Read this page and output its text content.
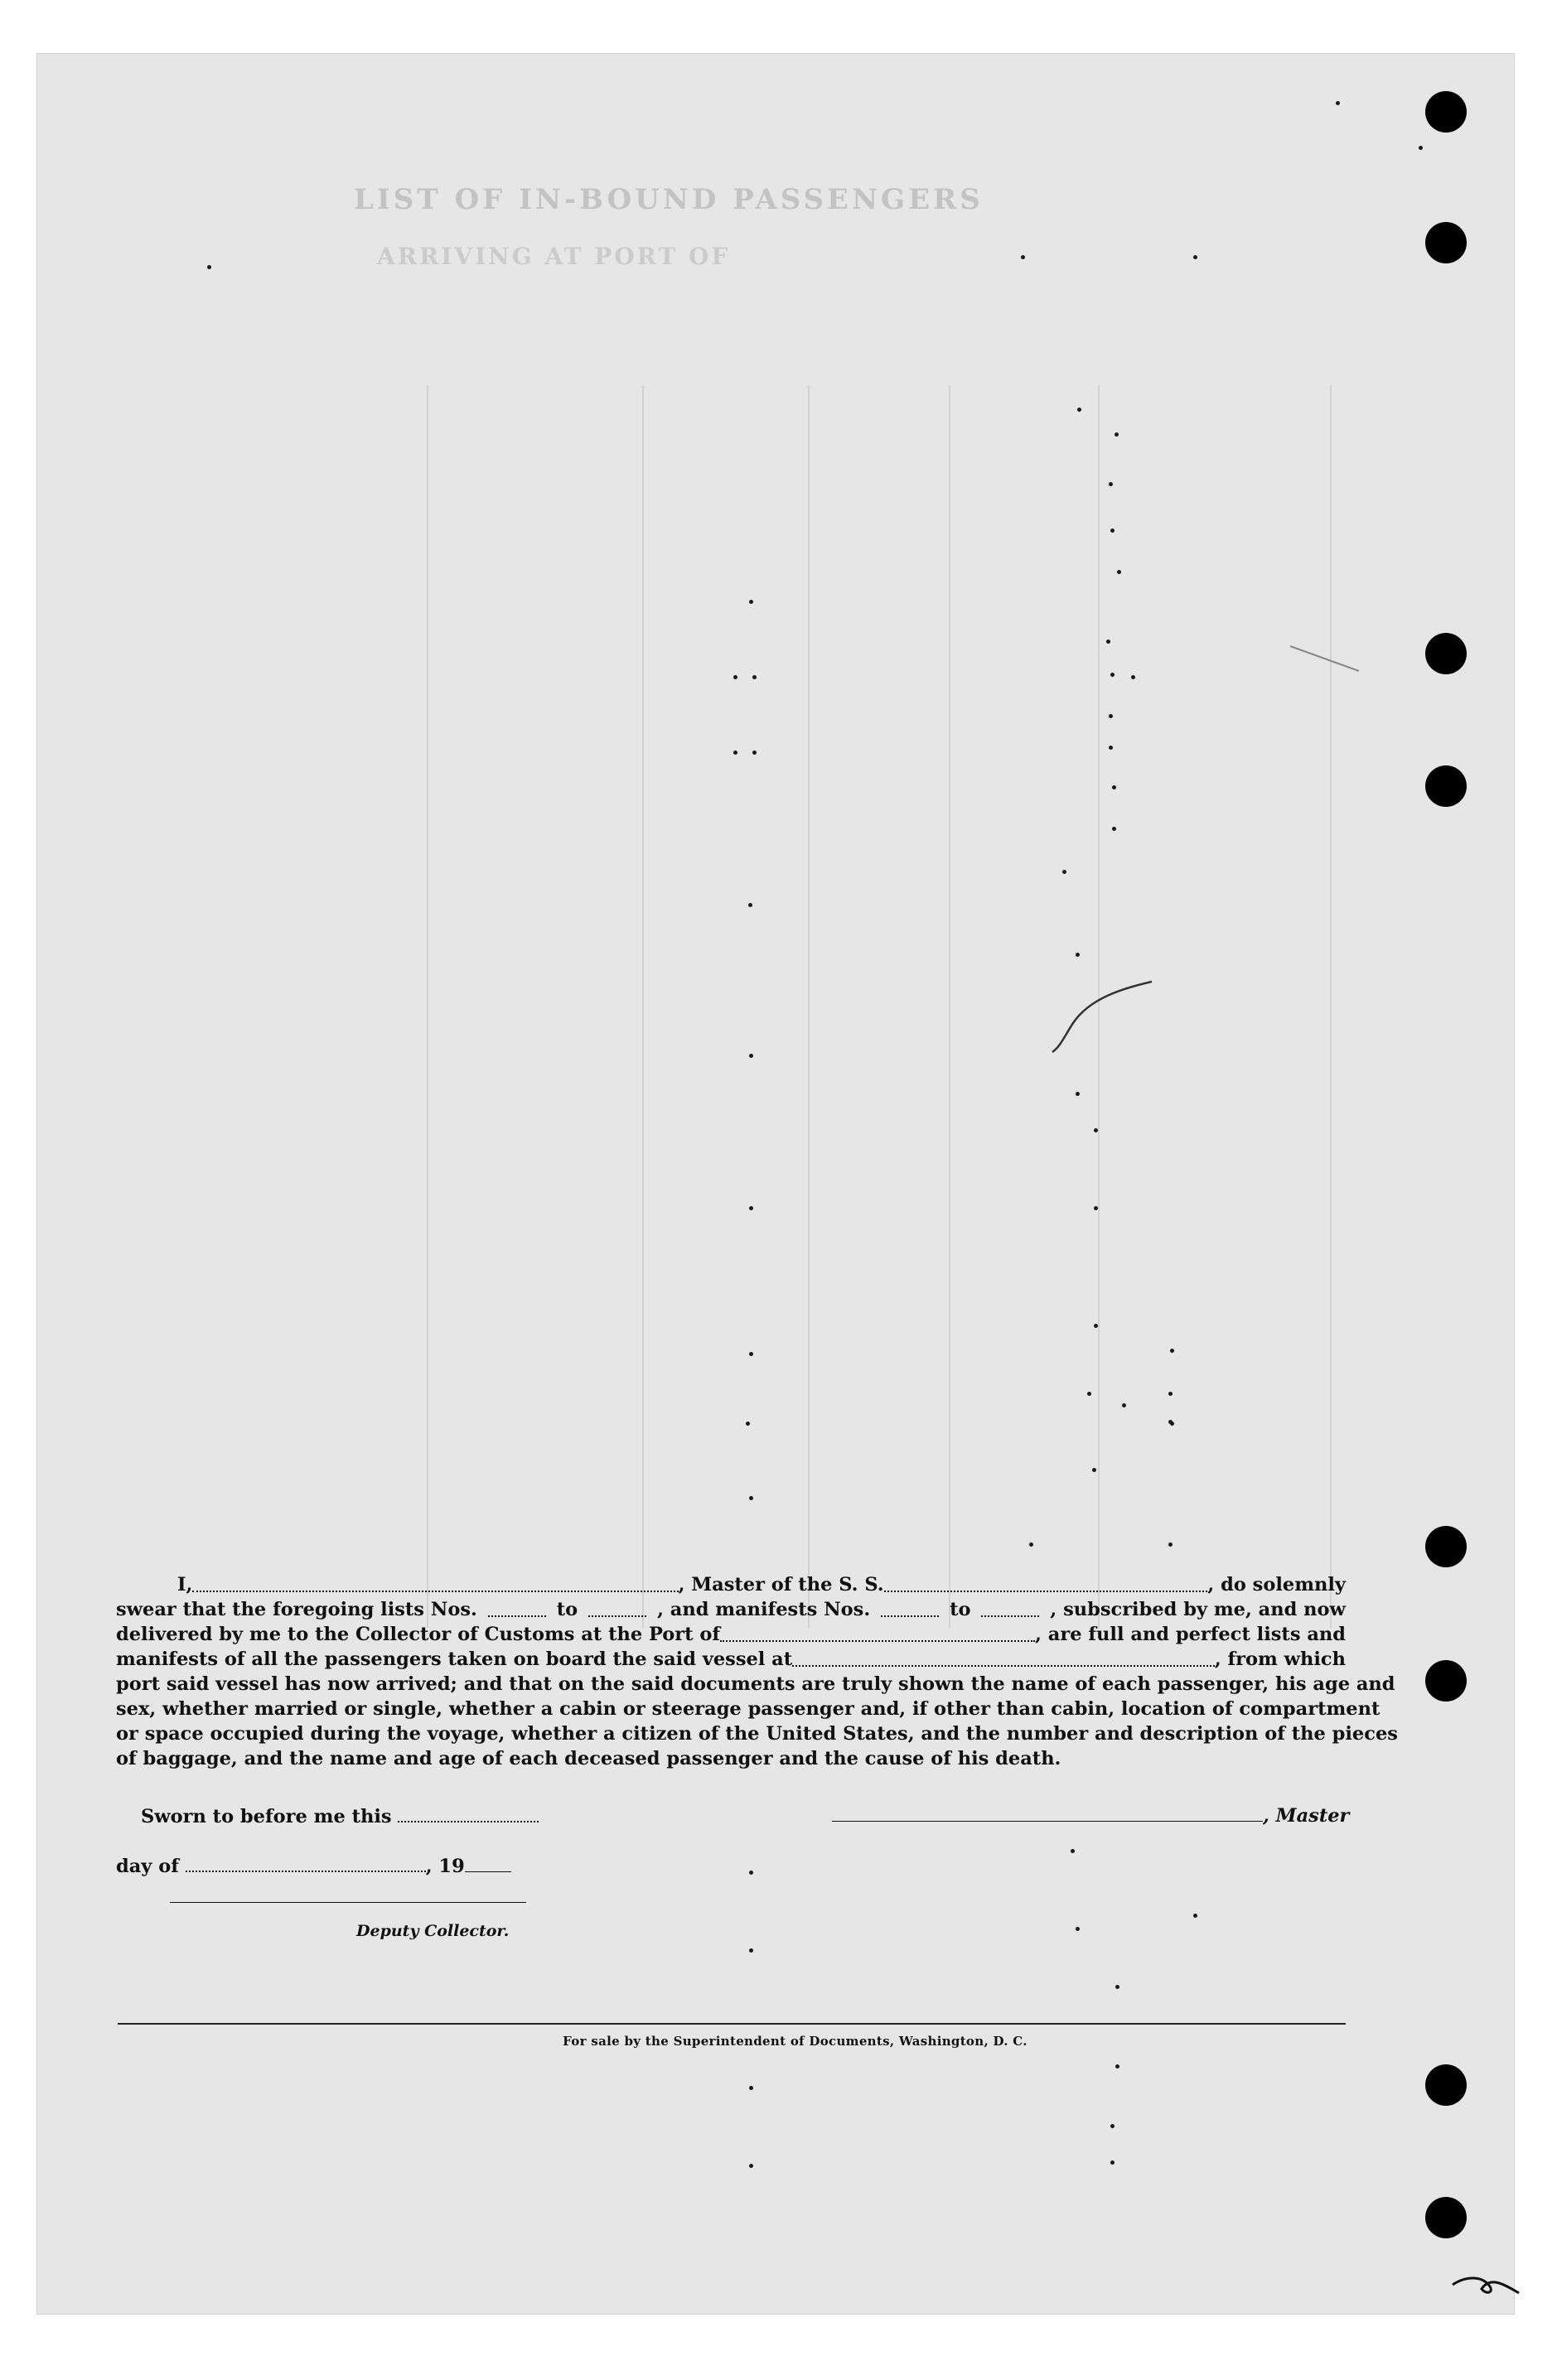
LIST OF IN-BOUND PASSENGERS
ARRIVING AT PORT OF

I,	, Master of the S. S.	, do solemnly
swear that the foregoing lists Nos.	to	, and manifests Nos.	to	, subscribed by me, and now
delivered by me to the Collector of Customs at the Port of	, are full and perfect lists and
manifests of all the passengers taken on board the said vessel at	, from which
port said vessel has now arrived; and that on the said documents are truly shown the name of each passenger, his age and
sex, whether married or single, whether a cabin or steerage passenger and, if other than cabin, location of compartment
or space occupied during the voyage, whether a citizen of the United States, and the number and description of the pieces
of baggage, and the name and age of each deceased passenger and the cause of his death.
Sworn to before me this	, Master
day of	, 19
Deputy Collector.
For sale by the Superintendent of Documents, Washington, D. C.
